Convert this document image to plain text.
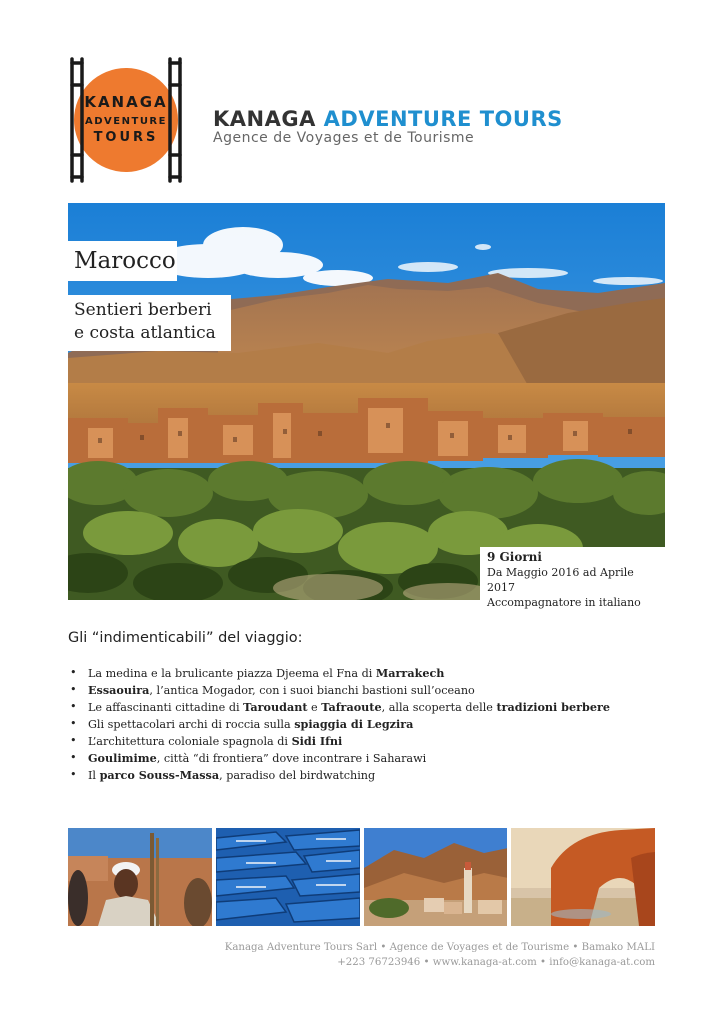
KANAGA
ADVENTURE
TOURS
KANAGA ADVENTURE TOURS
Agence de Voyages et de Tourisme
Marocco
Sentieri berberi
e costa atlantica
9 Giorni
Da Maggio 2016 ad Aprile 2017
Accompagnatore in italiano
Gli “indimenticabili” del viaggio:
• La medina e la brulicante piazza Djeema el Fna di Marrakech
• Essaouira, l’antica Mogador, con i suoi bianchi bastioni sull’oceano
• Le affascinanti cittadine di Taroudant e Tafraoute, alla scoperta delle tradizioni berbere
• Gli spettacolari archi di roccia sulla spiaggia di Legzira
• L’architettura coloniale spagnola di Sidi Ifni
• Goulimime, città “di frontiera” dove incontrare i Saharawi
• Il parco Souss-Massa, paradiso del birdwatching
Kanaga Adventure Tours Sarl • Agence de Voyages et de Tourisme • Bamako MALI
+223 76723946 • www.kanaga-at.com • info@kanaga-at.com
